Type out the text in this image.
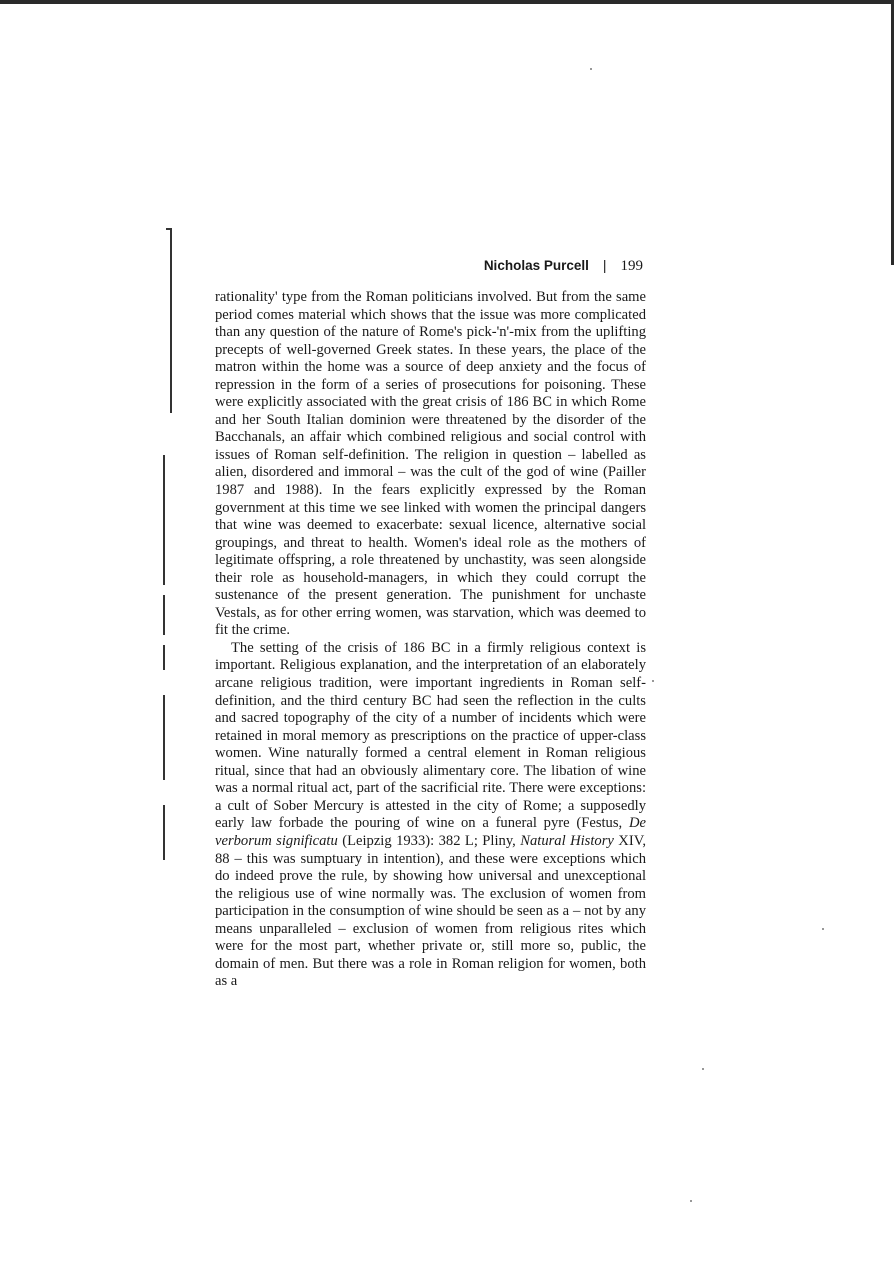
Nicholas Purcell | 199

rationality' type from the Roman politicians involved. But from the same period comes material which shows that the issue was more complicated than any question of the nature of Rome's pick-'n'-mix from the uplifting precepts of well-governed Greek states. In these years, the place of the matron within the home was a source of deep anxiety and the focus of repression in the form of a series of prosecutions for poisoning. These were explicitly associated with the great crisis of 186 BC in which Rome and her South Italian dominion were threatened by the disorder of the Bacchanals, an affair which combined religious and social control with issues of Roman self-definition. The religion in question – labelled as alien, disordered and immoral – was the cult of the god of wine (Pailler 1987 and 1988). In the fears explicitly expressed by the Roman government at this time we see linked with women the principal dangers that wine was deemed to exacerbate: sexual licence, alternative social groupings, and threat to health. Women's ideal role as the mothers of legitimate offspring, a role threatened by unchastity, was seen alongside their role as household-managers, in which they could corrupt the sustenance of the present generation. The punishment for unchaste Vestals, as for other erring women, was starvation, which was deemed to fit the crime.

The setting of the crisis of 186 BC in a firmly religious context is important. Religious explanation, and the interpretation of an elaborately arcane religious tradition, were important ingredients in Roman self-definition, and the third century BC had seen the reflection in the cults and sacred topography of the city of a number of incidents which were retained in moral memory as prescriptions on the practice of upper-class women. Wine naturally formed a central element in Roman religious ritual, since that had an obviously alimentary core. The libation of wine was a normal ritual act, part of the sacrificial rite. There were exceptions: a cult of Sober Mercury is attested in the city of Rome; a supposedly early law forbade the pouring of wine on a funeral pyre (Festus, De verborum significatu (Leipzig 1933): 382 L; Pliny, Natural History XIV, 88 – this was sumptuary in intention), and these were exceptions which do indeed prove the rule, by showing how universal and unexceptional the religious use of wine normally was. The exclusion of women from participation in the consumption of wine should be seen as a – not by any means unparalleled – exclusion of women from religious rites which were for the most part, whether private or, still more so, public, the domain of men. But there was a role in Roman religion for women, both as a
